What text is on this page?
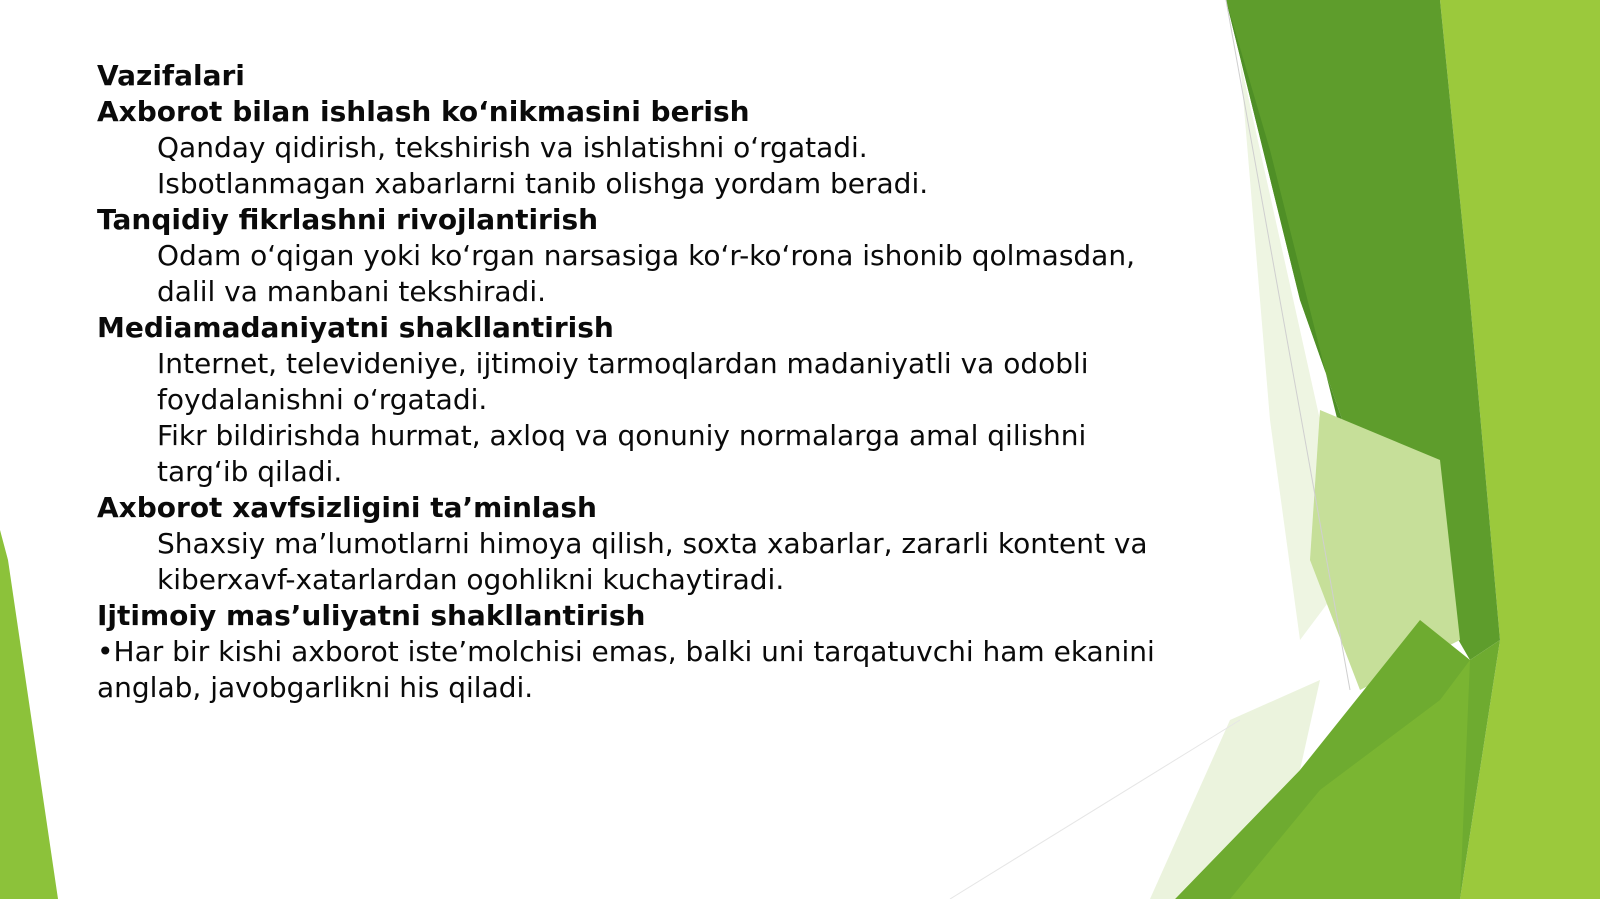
Vazifalari

Axborot bilan ishlash ko‘nikmasini berish

Qanday qidirish, tekshirish va ishlatishni o‘rgatadi.

Isbotlanmagan xabarlarni tanib olishga yordam beradi.

Tanqidiy fikrlashni rivojlantirish

Odam o‘qigan yoki ko‘rgan narsasiga ko‘r-ko‘rona ishonib qolmasdan,

dalil va manbani tekshiradi.

Mediamadaniyatni shakllantirish

Internet, televideniye, ijtimoiy tarmoqlardan madaniyatli va odobli

foydalanishni o‘rgatadi.

Fikr bildirishda hurmat, axloq va qonuniy normalarga amal qilishni

targ‘ib qiladi.

Axborot xavfsizligini ta’minlash

Shaxsiy ma’lumotlarni himoya qilish, soxta xabarlar, zararli kontent va

kiberxavf-xatarlardan ogohlikni kuchaytiradi.

Ijtimoiy mas’uliyatni shakllantirish

•Har bir kishi axborot iste’molchisi emas, balki uni tarqatuvchi ham ekanini

anglab, javobgarlikni his qiladi.
